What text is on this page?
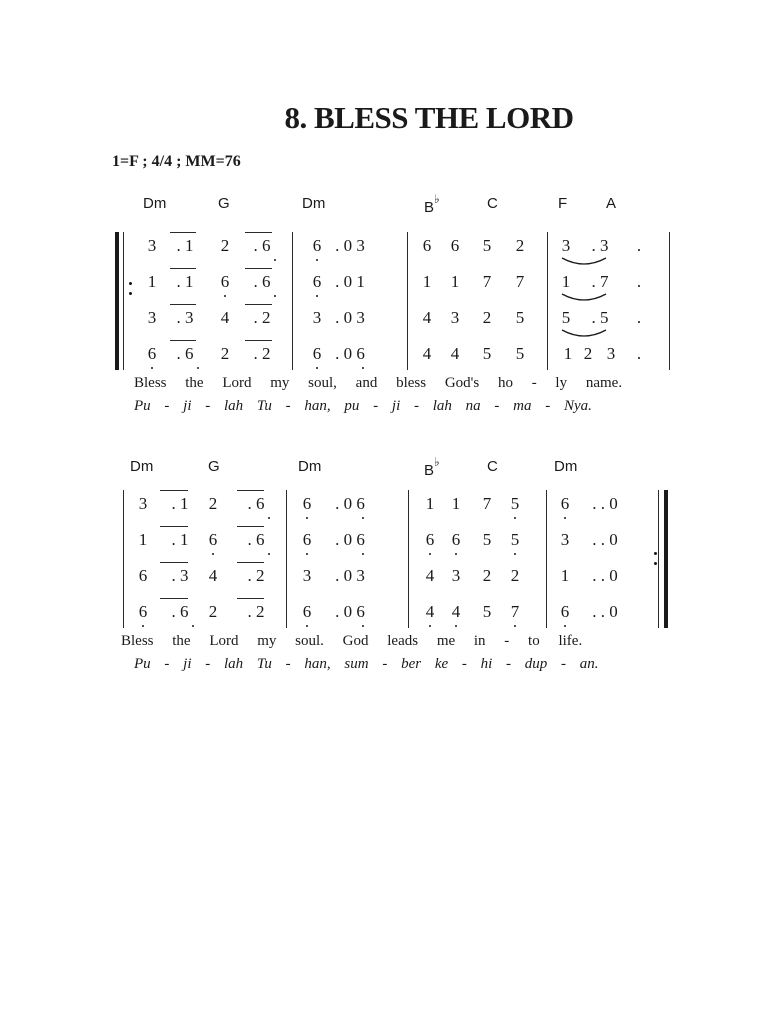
8. BLESS THE LORD
1=F ; 4/4 ; MM=76
Dm	G	Dm	B♭	C	F	A
3	. 1	2	. 6	6 . 0 3	6	6	5	2	3	. 3	.
1	. 1	6	. 6	6 . 0 1	1	1	7	7	1	. 7	.
3	. 3	4	. 2	3 . 0 3	4	3	2	5	5	. 5	.
6	. 6	2	. 2	6 . 0 6	4	4	5	5	1 2 3	.
Bless the Lord my soul, and bless God's ho - ly name.
Pu - ji - lah Tu - han, pu - ji - lah na - ma - Nya.
Dm	G	Dm	B♭	C	Dm
3	. 1	2	. 6	6	. 0 6	1	1	7	5	6	. . 0
1	. 1	6	. 6	6	. 0 6	6	6	5	5	3	. . 0
6	. 3	4	. 2	3	. 0 3	4	3	2	2	1	. . 0
6	. 6	2	. 2	6	. 0 6	4	4	5	7	6	. . 0
Bless the Lord my soul. God leads me in - to life.
Pu - ji - lah Tu - han, sum - ber ke - hi - dup - an.
